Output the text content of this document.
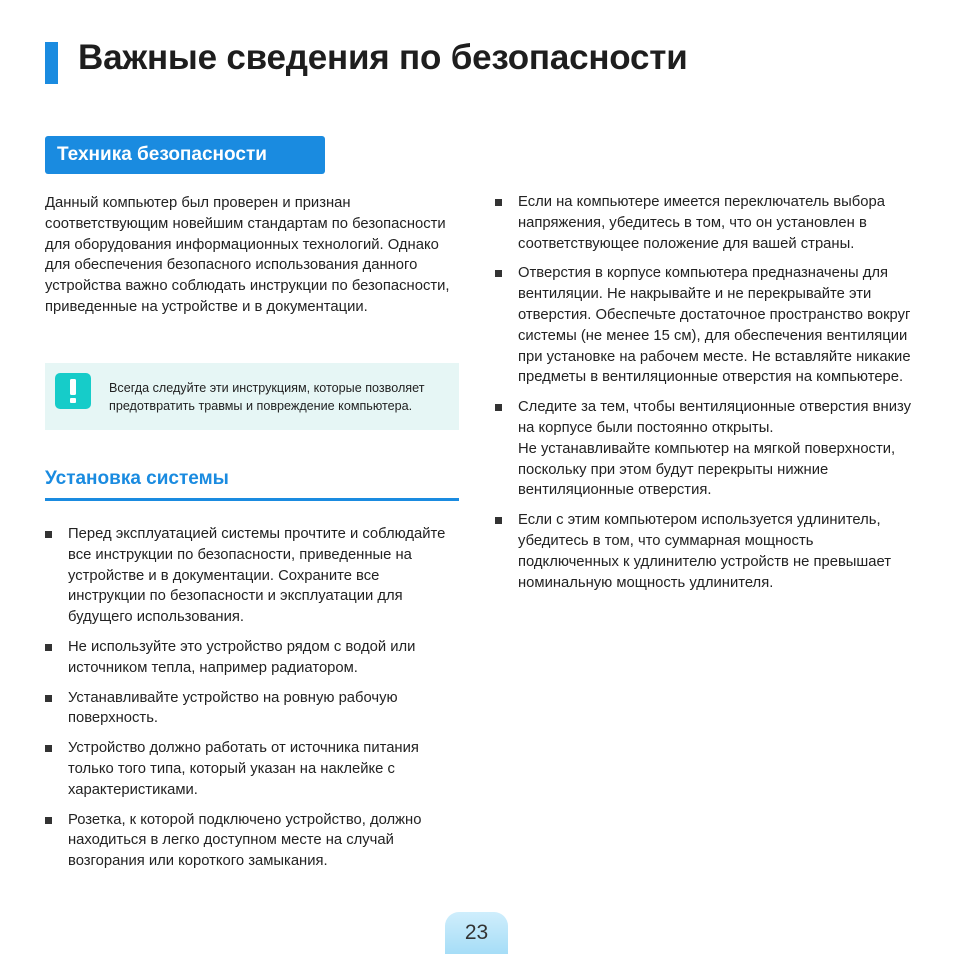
Важные сведения по безопасности
Техника безопасности

Данный компьютер был проверен и признан соответствующим новейшим стандартам по безопасности для оборудования информационных технологий. Однако для обеспечения безопасного использования данного устройства важно соблюдать инструкции по безопасности, приведенные на устройстве и в документации.

Всегда следуйте эти инструкциям, которые позволяет предотвратить травмы и повреждение компьютера.

Установка системы
Перед эксплуатацией системы прочтите и соблюдайте все инструкции по безопасности, приведенные на устройстве и в документации. Сохраните все инструкции по безопасности и эксплуатации для будущего использования.
Не используйте это устройство рядом с водой или источником тепла, например радиатором.
Устанавливайте устройство на ровную рабочую поверхность.
Устройство должно работать от источника питания только того типа, который указан на наклейке с характеристиками.
Розетка, к которой подключено устройство, должно находиться в легко доступном месте на случай возгорания или короткого замыкания.
Если на компьютере имеется переключатель выбора напряжения, убедитесь в том, что он установлен в соответствующее положение для вашей страны.
Отверстия в корпусе компьютера предназначены для вентиляции. Не накрывайте и не перекрывайте эти отверстия. Обеспечьте достаточное пространство вокруг системы (не менее 15 см), для обеспечения вентиляции при установке на рабочем месте. Не вставляйте никакие предметы в вентиляционные отверстия на компьютере.
Следите за тем, чтобы вентиляционные отверстия внизу на корпусе были постоянно открыты.
Не устанавливайте компьютер на мягкой поверхности, поскольку при этом будут перекрыты нижние вентиляционные отверстия.
Если с этим компьютером используется удлинитель, убедитесь в том, что суммарная мощность подключенных к удлинителю устройств не превышает номинальную мощность удлинителя.
23
